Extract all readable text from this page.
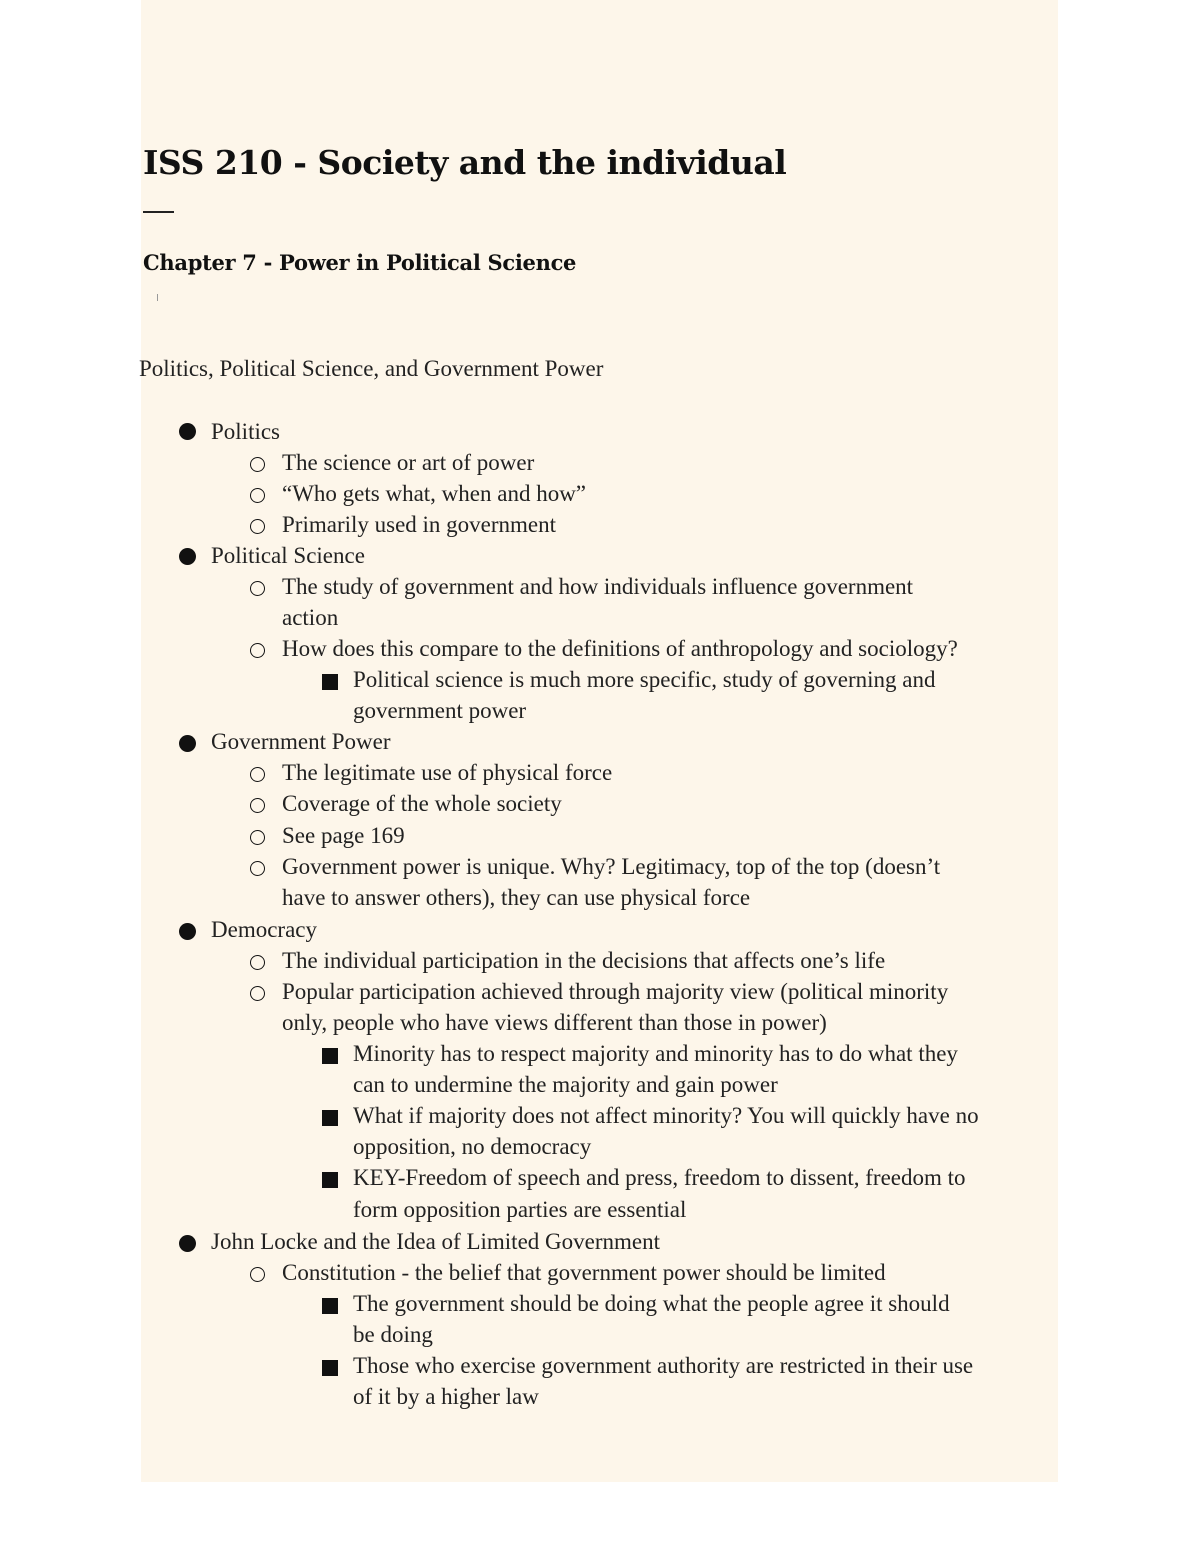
ISS 210 - Society and the individual
Chapter 7 - Power in Political Science
Politics, Political Science, and Government Power
Politics
The science or art of power
“Who gets what, when and how”
Primarily used in government
Political Science
The study of government and how individuals influence government
action
How does this compare to the definitions of anthropology and sociology?
Political science is much more specific, study of governing and
government power
Government Power
The legitimate use of physical force
Coverage of the whole society
See page 169
Government power is unique. Why? Legitimacy, top of the top (doesn’t
have to answer others), they can use physical force
Democracy
The individual participation in the decisions that affects one’s life
Popular participation achieved through majority view (political minority
only, people who have views different than those in power)
Minority has to respect majority and minority has to do what they
can to undermine the majority and gain power
What if majority does not affect minority? You will quickly have no
opposition, no democracy
KEY-Freedom of speech and press, freedom to dissent, freedom to
form opposition parties are essential
John Locke and the Idea of Limited Government
Constitution - the belief that government power should be limited
The government should be doing what the people agree it should
be doing
Those who exercise government authority are restricted in their use
of it by a higher law
